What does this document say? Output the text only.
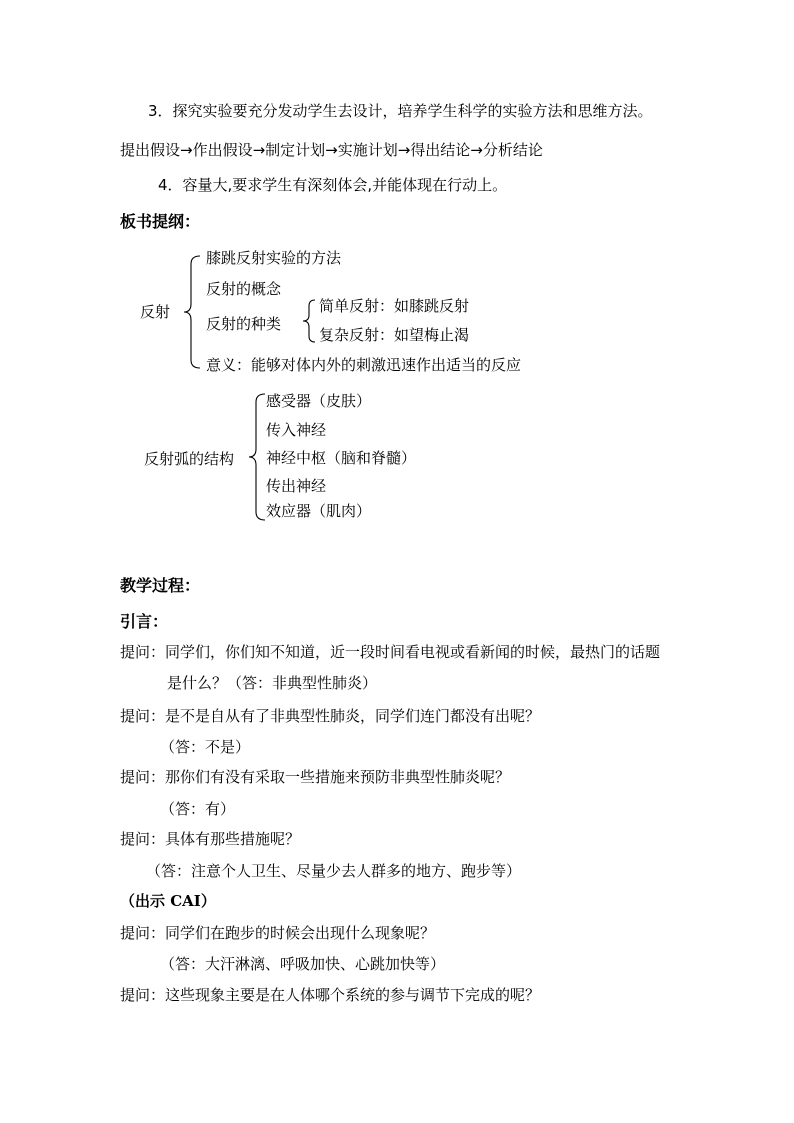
3．探究实验要充分发动学生去设计，培养学生科学的实验方法和思维方法。
提出假设→作出假设→制定计划→实施计划→得出结论→分析结论
4．容量大,要求学生有深刻体会,并能体现在行动上。
板书提纲：
反射
膝跳反射实验的方法
反射的概念
反射的种类
意义：能够对体内外的刺激迅速作出适当的反应
简单反射：如膝跳反射
复杂反射：如望梅止渴
反射弧的结构
感受器（皮肤）
传入神经
神经中枢（脑和脊髓）
传出神经
效应器（肌肉）
教学过程：
引言：
提问：同学们，你们知不知道，近一段时间看电视或看新闻的时候，最热门的话题
是什么？（答：非典型性肺炎）
提问：是不是自从有了非典型性肺炎，同学们连门都没有出呢？
（答：不是）
提问：那你们有没有采取一些措施来预防非典型性肺炎呢？
（答：有）
提问：具体有那些措施呢？
（答：注意个人卫生、尽量少去人群多的地方、跑步等）
（出示 CAI）
提问：同学们在跑步的时候会出现什么现象呢？
（答：大汗淋漓、呼吸加快、心跳加快等）
提问：这些现象主要是在人体哪个系统的参与调节下完成的呢？
